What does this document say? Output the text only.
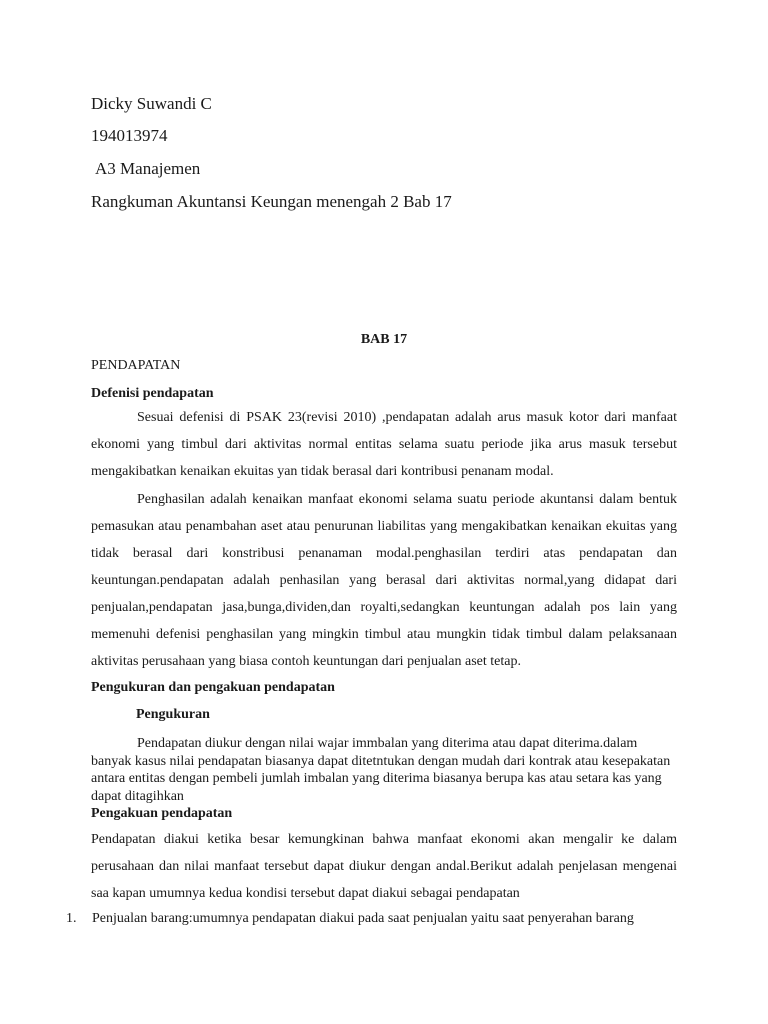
Dicky Suwandi C

194013974

A3 Manajemen

Rangkuman Akuntansi Keungan menengah 2 Bab 17

BAB 17

PENDAPATAN

Defenisi pendapatan

Sesuai defenisi di PSAK 23(revisi 2010) ,pendapatan adalah arus masuk kotor dari manfaat ekonomi yang timbul dari aktivitas normal entitas selama suatu periode jika arus masuk tersebut mengakibatkan kenaikan ekuitas yan tidak berasal dari kontribusi penanam modal.

Penghasilan adalah kenaikan manfaat ekonomi selama suatu periode akuntansi dalam bentuk pemasukan atau penambahan aset atau penurunan liabilitas yang mengakibatkan kenaikan ekuitas yang tidak berasal dari konstribusi penanaman modal.penghasilan terdiri atas pendapatan dan keuntungan.pendapatan adalah penhasilan yang berasal dari aktivitas normal,yang didapat dari penjualan,pendapatan jasa,bunga,dividen,dan royalti,sedangkan keuntungan adalah pos lain yang memenuhi defenisi penghasilan yang mingkin timbul atau mungkin tidak timbul dalam pelaksanaan aktivitas perusahaan yang biasa contoh keuntungan dari penjualan aset tetap.

Pengukuran dan pengakuan pendapatan

Pengukuran

Pendapatan diukur dengan nilai wajar immbalan yang diterima atau dapat diterima.dalam banyak kasus nilai pendapatan biasanya dapat ditetntukan dengan mudah dari kontrak atau kesepakatan antara entitas dengan pembeli jumlah imbalan yang diterima biasanya berupa kas atau setara kas yang dapat ditagihkan

Pengakuan pendapatan

Pendapatan diakui ketika besar kemungkinan bahwa manfaat ekonomi akan mengalir ke dalam perusahaan dan nilai manfaat tersebut dapat diukur dengan andal.Berikut adalah penjelasan mengenai saa kapan umumnya kedua kondisi tersebut dapat diakui sebagai pendapatan

1. Penjualan barang:umumnya pendapatan diakui pada saat penjualan yaitu saat penyerahan barang
